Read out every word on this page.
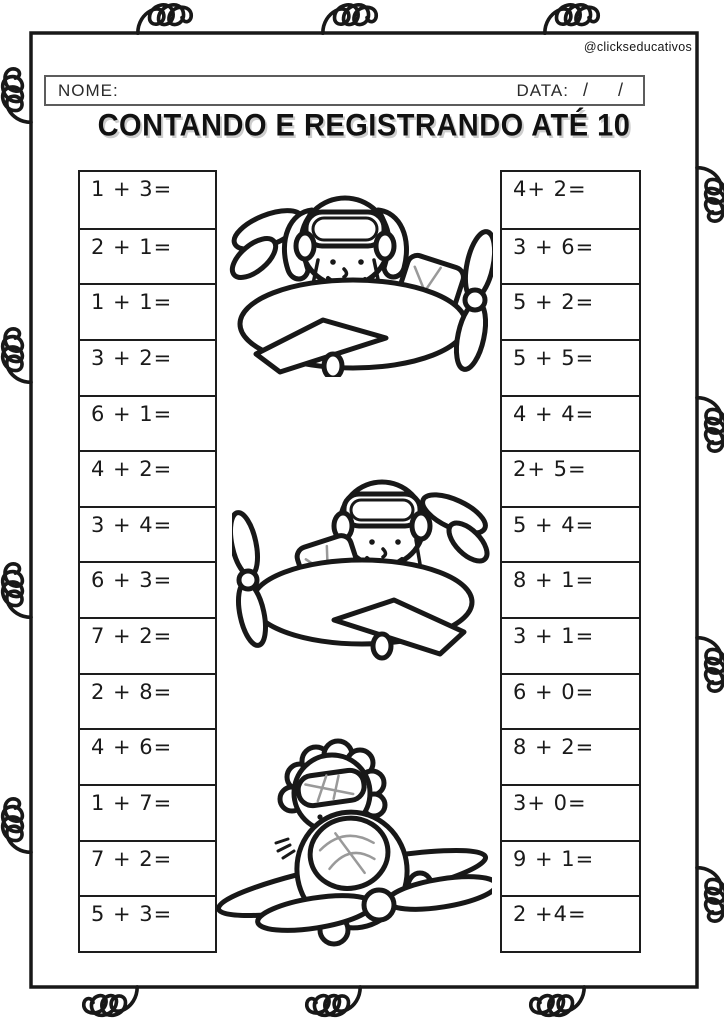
@clickseducativos
NOME:	DATA: /    /
CONTANDO E REGISTRANDO ATÉ 10
1 + 3=
2 + 1=
1 + 1=
3 + 2=
6 + 1=
4 + 2=
3 + 4=
6 + 3=
7 + 2=
2 + 8=
4 + 6=
1 + 7=
7 + 2=
5 + 3=
4+ 2=
3 + 6=
5 + 2=
5 + 5=
4 + 4=
2+ 5=
5 + 4=
8 + 1=
3 + 1=
6 + 0=
8 + 2=
3+ 0=
9 + 1=
2 +4=
